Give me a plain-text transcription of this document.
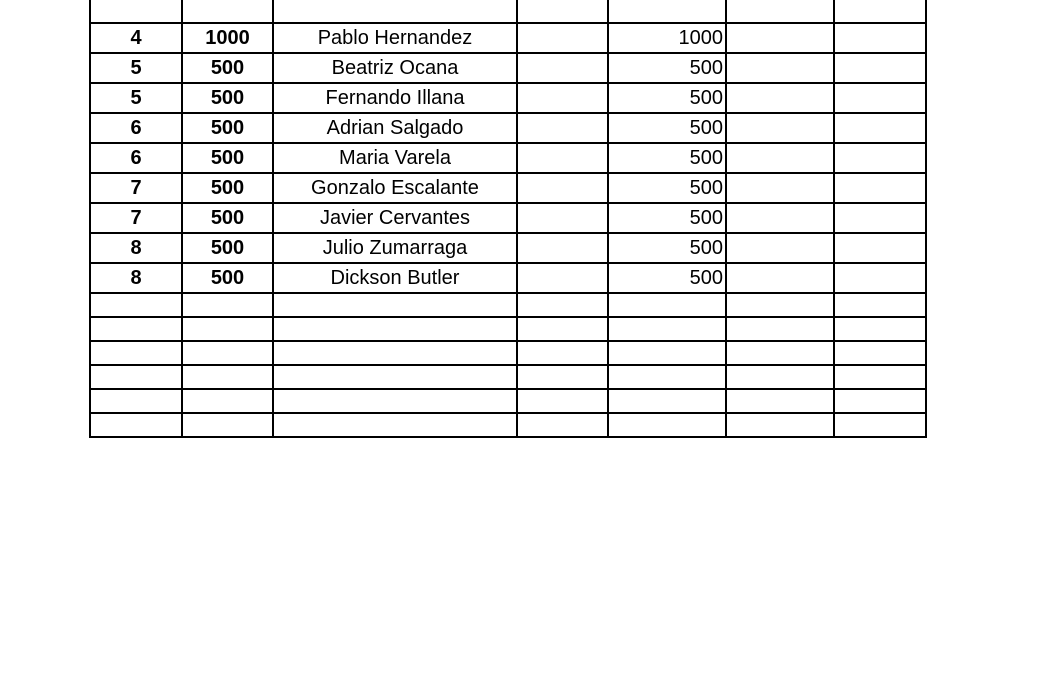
4	1000	Pablo Hernandez		1000		
5	500	Beatriz Ocana		500		
5	500	Fernando Illana		500		
6	500	Adrian Salgado		500		
6	500	Maria Varela		500		
7	500	Gonzalo Escalante		500		
7	500	Javier Cervantes		500		
8	500	Julio Zumarraga		500		
8	500	Dickson Butler		500		
